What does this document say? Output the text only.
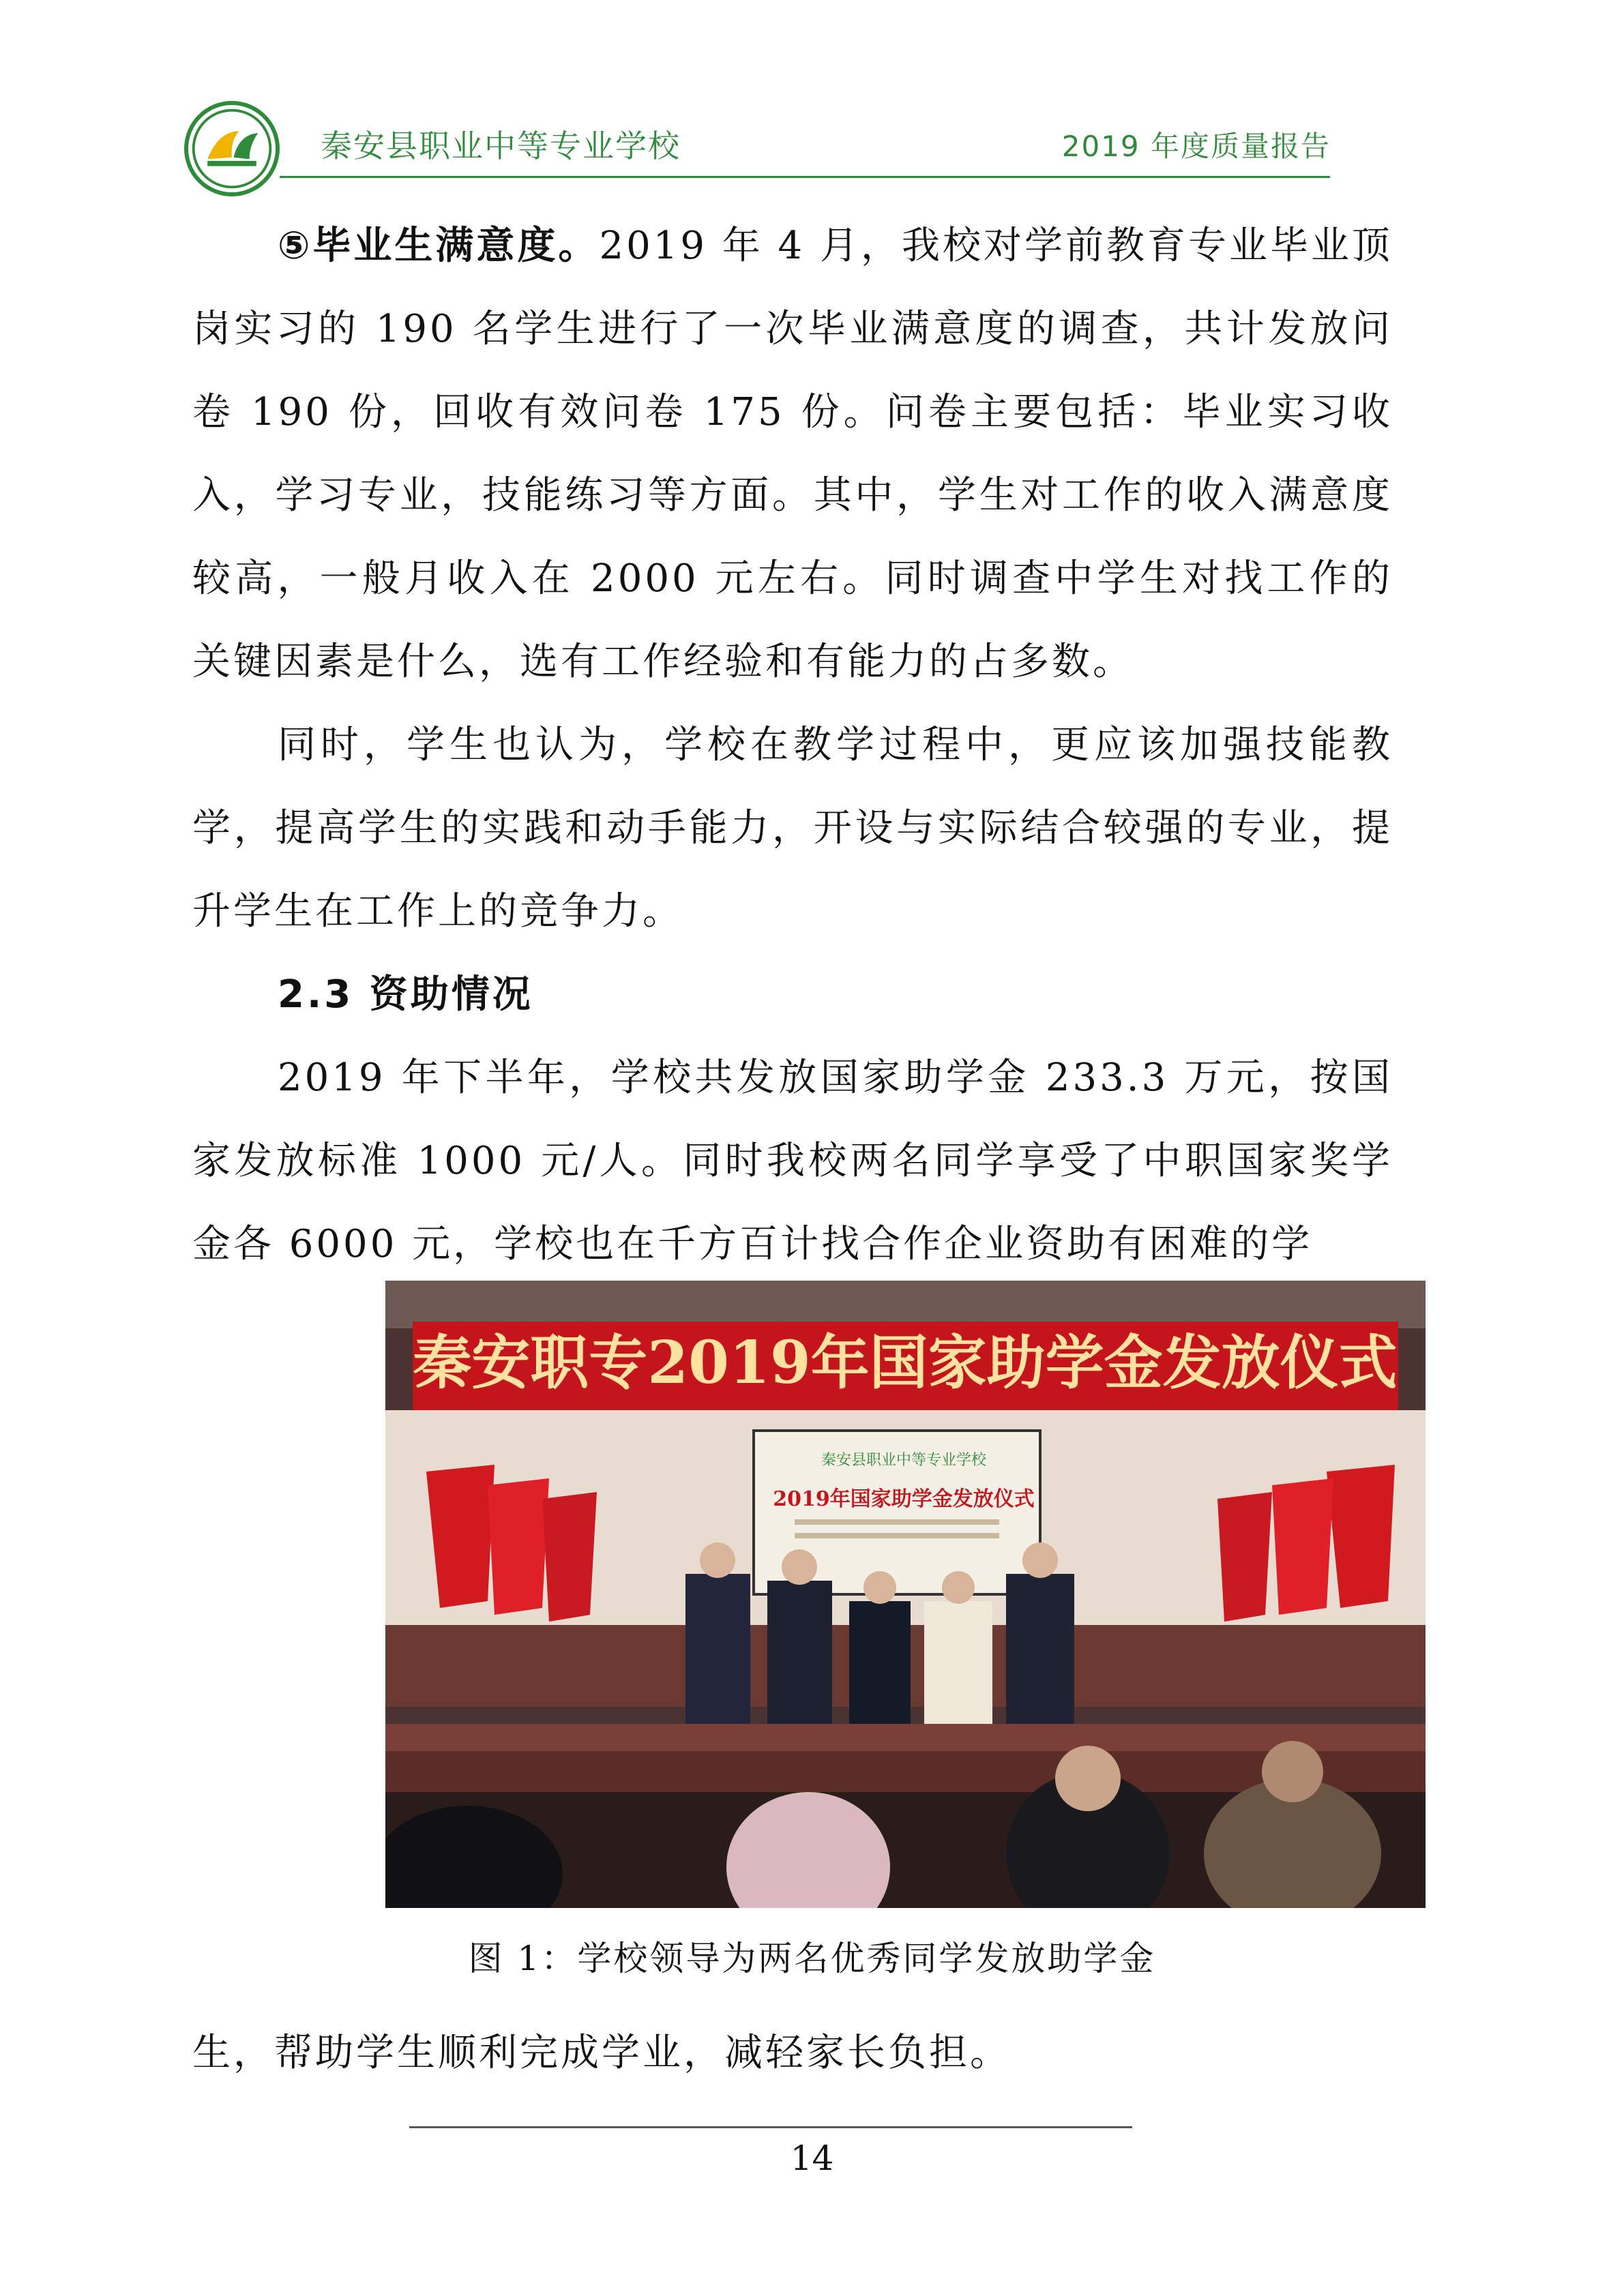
秦安县职业中等专业学校	2019 年度质量报告

⑤毕业生满意度。2019 年 4 月，我校对学前教育专业毕业顶岗实习的 190 名学生进行了一次毕业满意度的调查，共计发放问卷 190 份，回收有效问卷 175 份。问卷主要包括：毕业实习收入，学习专业，技能练习等方面。其中，学生对工作的收入满意度较高，一般月收入在 2000 元左右。同时调查中学生对找工作的关键因素是什么，选有工作经验和有能力的占多数。

同时，学生也认为，学校在教学过程中，更应该加强技能教学，提高学生的实践和动手能力，开设与实际结合较强的专业，提升学生在工作上的竞争力。

2.3 资助情况

2019 年下半年，学校共发放国家助学金 233.3 万元，按国家发放标准 1000 元/人。同时我校两名同学享受了中职国家奖学金各 6000 元，学校也在千方百计找合作企业资助有困难的学

秦安职专2019年国家助学金发放仪式
秦安县职业中等专业学校
2019年国家助学金发放仪式
图 1：学校领导为两名优秀同学发放助学金

生，帮助学生顺利完成学业，减轻家长负担。

14
